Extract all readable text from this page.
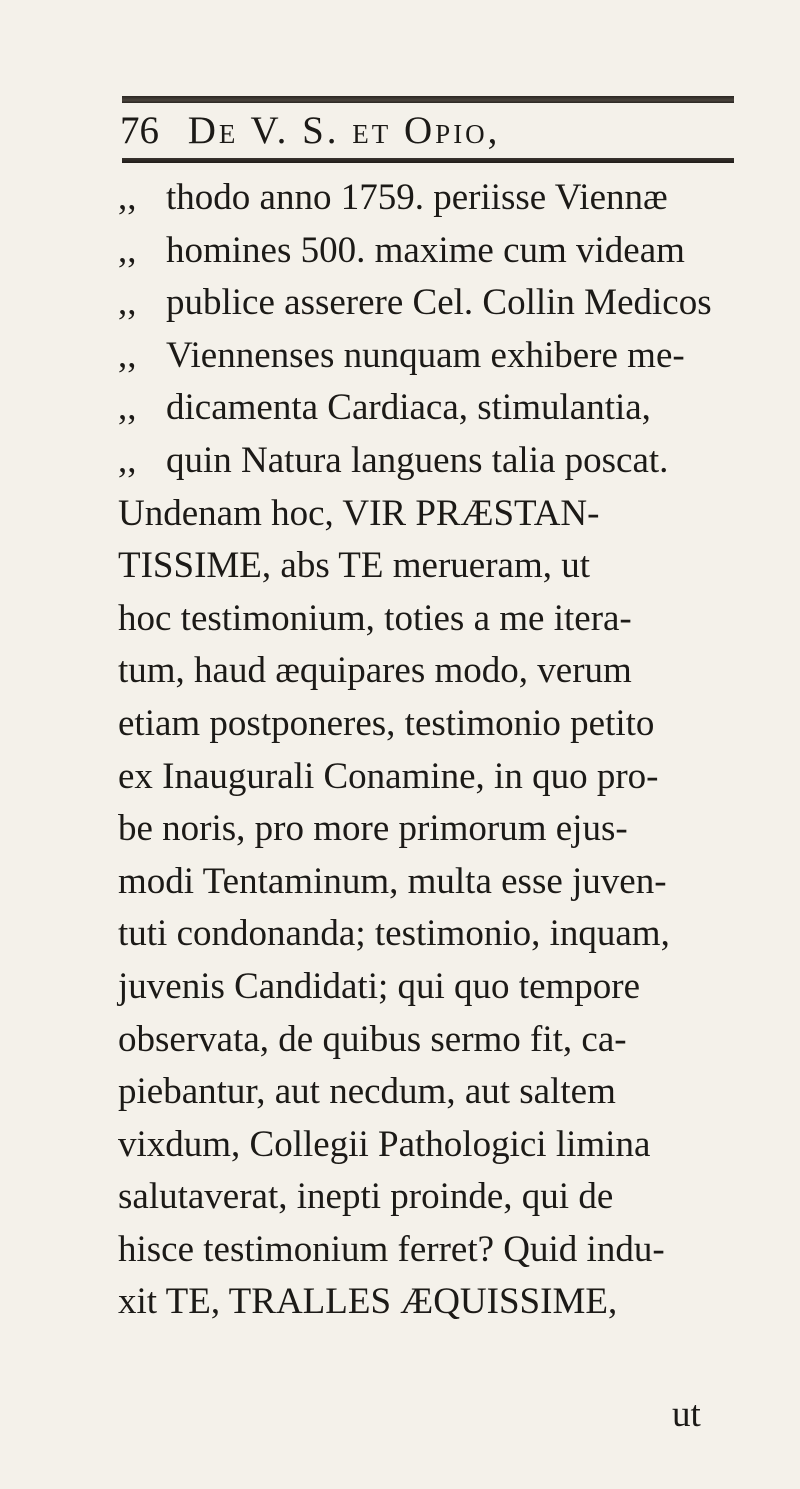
76 De V. S. et Opio,
,, thodo anno 1759. periisse Viennæ
,, homines 500. maxime cum videam
,, publice asserere Cel. Collin Medicos
,, Viennenses nunquam exhibere me-
,, dicamenta Cardiaca, stimulantia,
,, quin Natura languens talia poscat.
Undenam hoc, VIR PRÆSTAN-
TISSIME, abs TE merueram, ut
hoc testimonium, toties a me itera-
tum, haud æquipares modo, verum
etiam postponeres, testimonio petito
ex Inaugurali Conamine, in quo pro-
be noris, pro more primorum ejus-
modi Tentaminum, multa esse juven-
tuti condonanda; testimonio, inquam,
juvenis Candidati; qui quo tempore
observata, de quibus sermo fit, ca-
piebantur, aut necdum, aut saltem
vixdum, Collegii Pathologici limina
salutaverat, inepti proinde, qui de
hisce testimonium ferret? Quid indu-
xit TE, TRALLES ÆQUISSIME,
ut
